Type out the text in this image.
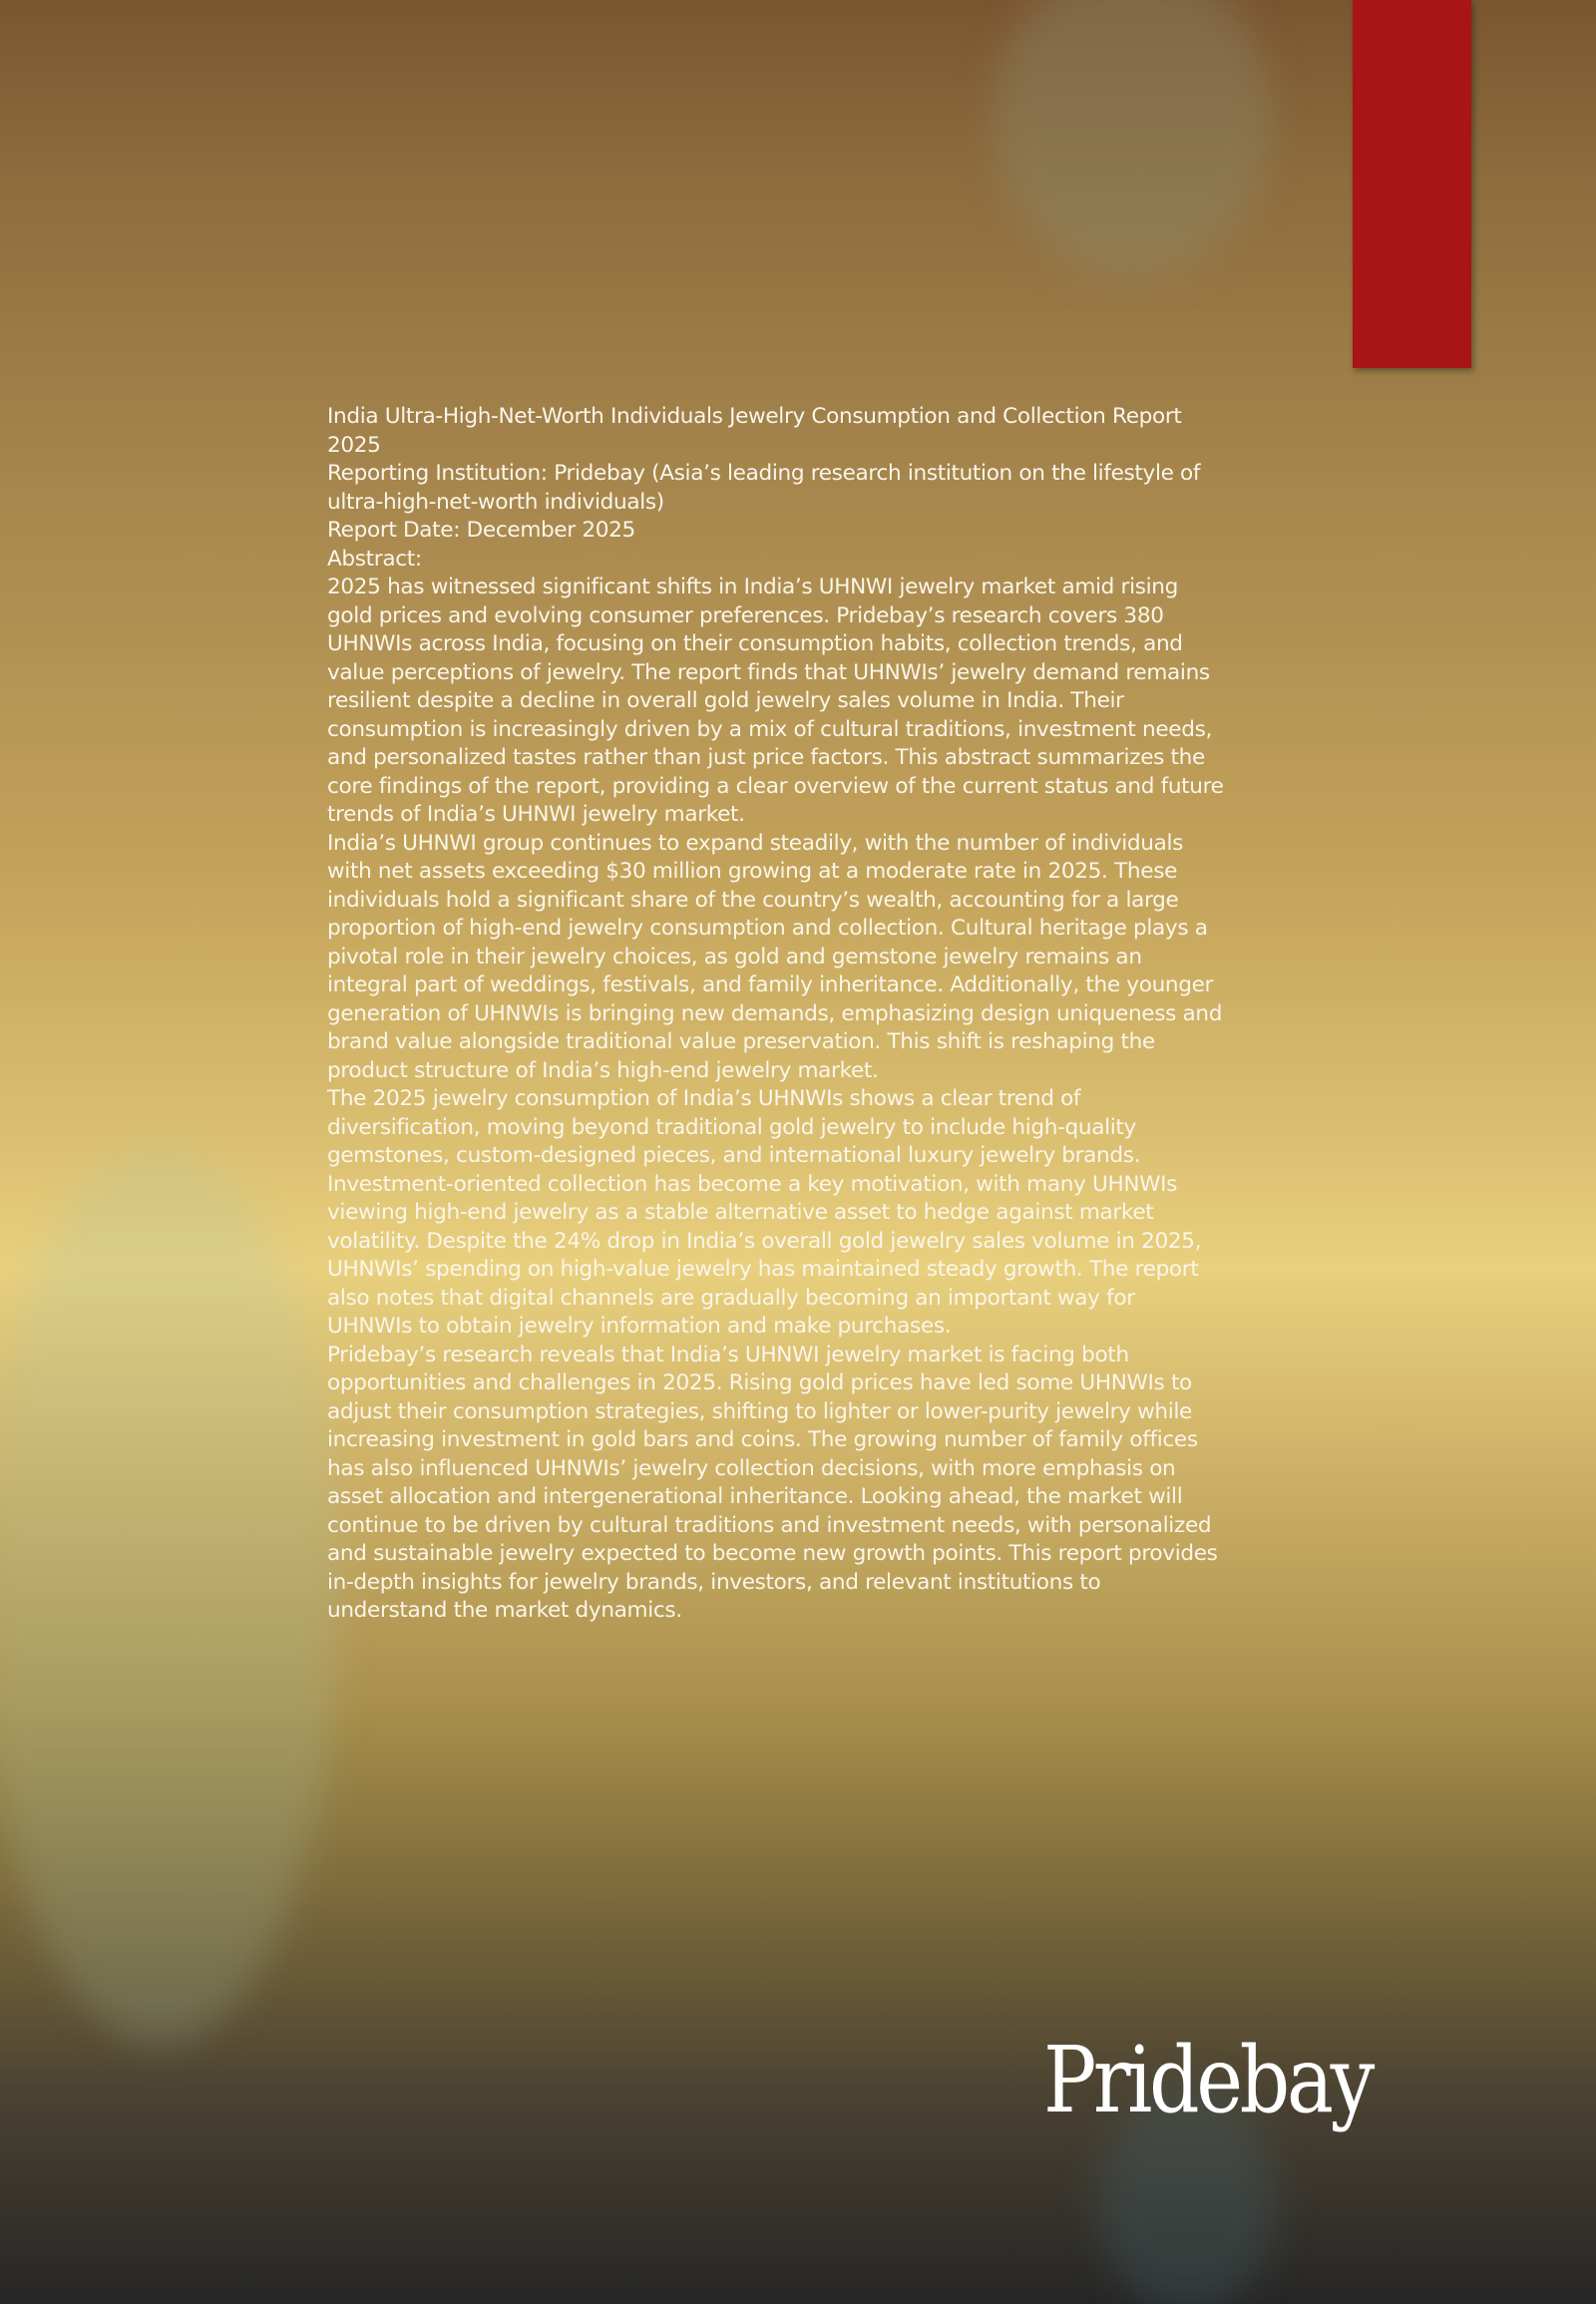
India Ultra-High-Net-Worth Individuals Jewelry Consumption and Collection Report 2025
Reporting Institution: Pridebay (Asia’s leading research institution on the lifestyle of ultra-high-net-worth individuals)
Report Date: December 2025
Abstract:
2025 has witnessed significant shifts in India’s UHNWI jewelry market amid rising gold prices and evolving consumer preferences. Pridebay’s research covers 380 UHNWIs across India, focusing on their consumption habits, collection trends, and value perceptions of jewelry. The report finds that UHNWIs’ jewelry demand remains resilient despite a decline in overall gold jewelry sales volume in India. Their consumption is increasingly driven by a mix of cultural traditions, investment needs, and personalized tastes rather than just price factors. This abstract summarizes the core findings of the report, providing a clear overview of the current status and future trends of India’s UHNWI jewelry market.
India’s UHNWI group continues to expand steadily, with the number of individuals with net assets exceeding $30 million growing at a moderate rate in 2025. These individuals hold a significant share of the country’s wealth, accounting for a large proportion of high-end jewelry consumption and collection. Cultural heritage plays a pivotal role in their jewelry choices, as gold and gemstone jewelry remains an integral part of weddings, festivals, and family inheritance. Additionally, the younger generation of UHNWIs is bringing new demands, emphasizing design uniqueness and brand value alongside traditional value preservation. This shift is reshaping the product structure of India’s high-end jewelry market.
The 2025 jewelry consumption of India’s UHNWIs shows a clear trend of diversification, moving beyond traditional gold jewelry to include high-quality gemstones, custom-designed pieces, and international luxury jewelry brands. Investment-oriented collection has become a key motivation, with many UHNWIs viewing high-end jewelry as a stable alternative asset to hedge against market volatility. Despite the 24% drop in India’s overall gold jewelry sales volume in 2025, UHNWIs’ spending on high-value jewelry has maintained steady growth. The report also notes that digital channels are gradually becoming an important way for UHNWIs to obtain jewelry information and make purchases.
Pridebay’s research reveals that India’s UHNWI jewelry market is facing both opportunities and challenges in 2025. Rising gold prices have led some UHNWIs to adjust their consumption strategies, shifting to lighter or lower-purity jewelry while increasing investment in gold bars and coins. The growing number of family offices has also influenced UHNWIs’ jewelry collection decisions, with more emphasis on asset allocation and intergenerational inheritance. Looking ahead, the market will continue to be driven by cultural traditions and investment needs, with personalized and sustainable jewelry expected to become new growth points. This report provides in-depth insights for jewelry brands, investors, and relevant institutions to understand the market dynamics.
Pridebay
